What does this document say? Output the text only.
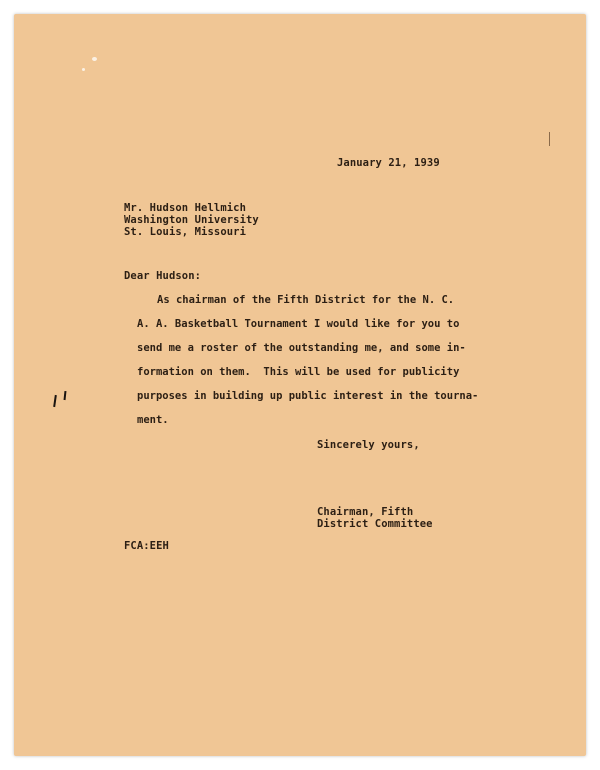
January 21, 1939
Mr. Hudson Hellmich
Washington University
St. Louis, Missouri
Dear Hudson:
As chairman of the Fifth District for the N. C.
A. A. Basketball Tournament I would like for you to
send me a roster of the outstanding me, and some in-
formation on them.  This will be used for publicity
purposes in building up public interest in the tourna-
ment.
Sincerely yours,
Chairman, Fifth
District Committee
FCA:EEH
